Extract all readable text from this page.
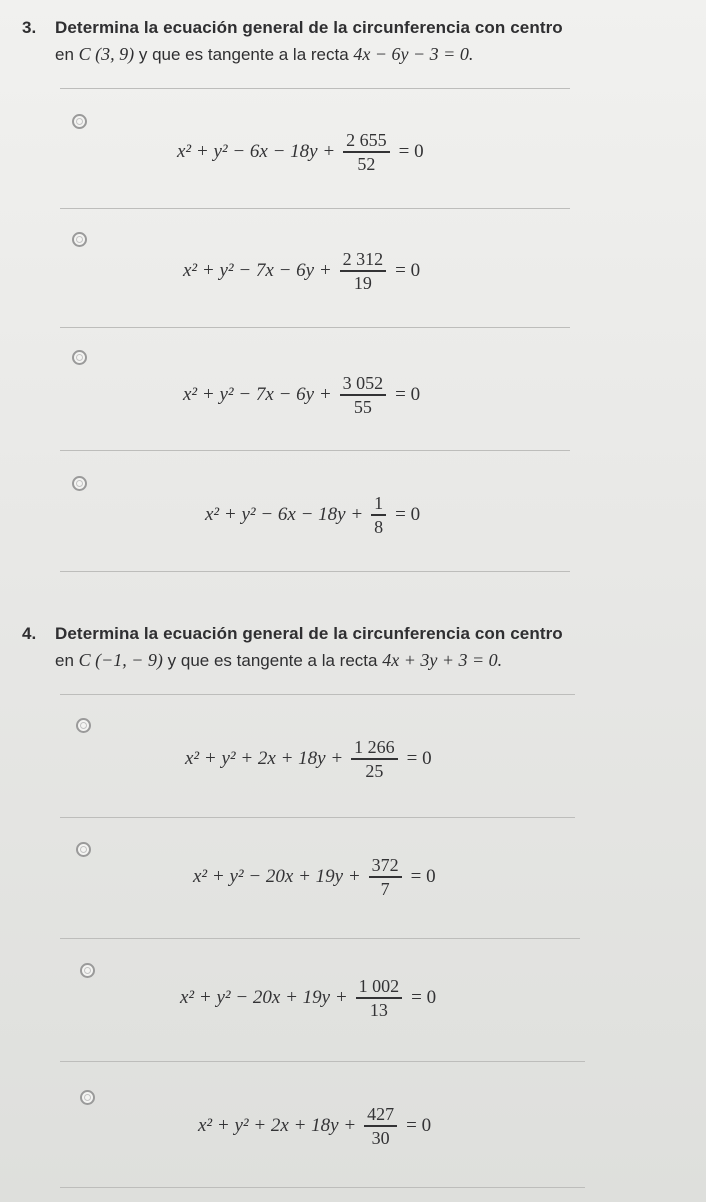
3. Determina la ecuación general de la circunferencia con centro
en C (3, 9) y que es tangente a la recta 4x − 6y − 3 = 0.
$x^2 + y^2 - 6x - 18y + \frac{2 655}{52} = 0$
$x^2 + y^2 - 7x - 6y + \frac{2 312}{19} = 0$
$x^2 + y^2 - 7x - 6y + \frac{3 052}{55} = 0$
$x^2 + y^2 - 6x - 18y + \frac{1}{8} = 0$
4. Determina la ecuación general de la circunferencia con centro
en C (−1, − 9) y que es tangente a la recta 4x + 3y + 3 = 0.
$x^2 + y^2 + 2x + 18y + \frac{1 266}{25} = 0$
$x^2 + y^2 - 20x + 19y + \frac{372}{7} = 0$
$x^2 + y^2 - 20x + 19y + \frac{1 002}{13} = 0$
$x^2 + y^2 + 2x + 18y + \frac{427}{30} = 0$
